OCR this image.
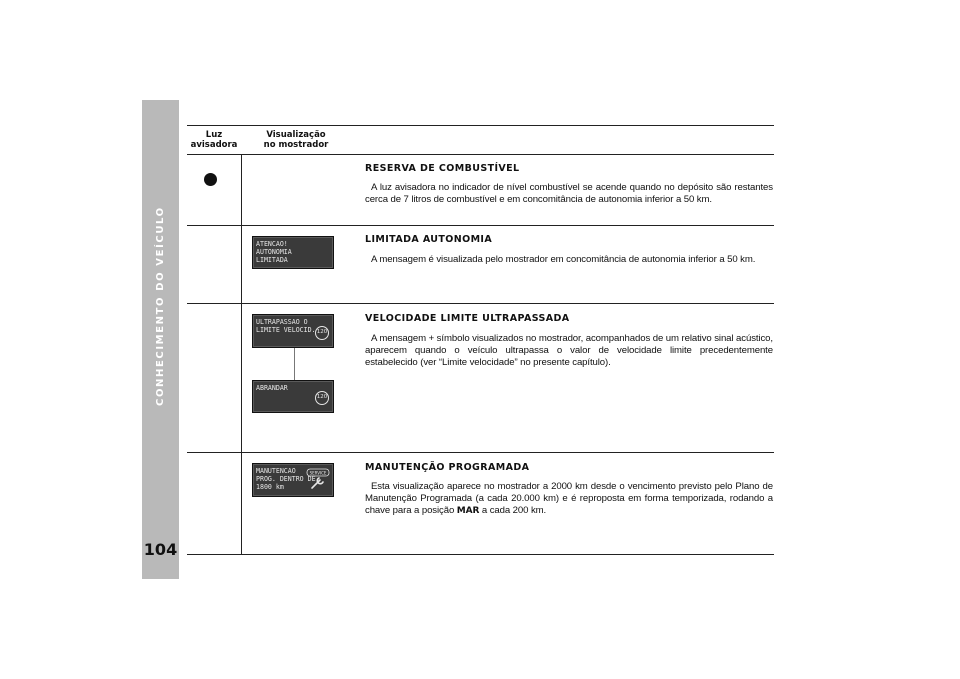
CONHECIMENTO DO VEÍCULO
104
Luz
avisadora
Visualização
no mostrador
RESERVA DE COMBUSTÍVEL
A luz avisadora no indicador de nível combustível se acende quando no depósito são restantes cerca de 7 litros de combustível e em concomitância de autonomia inferior a 50 km.
ATENCAO!
AUTONOMIA
LIMITADA
LIMITADA AUTONOMIA
A mensagem é visualizada pelo mostrador em concomitância de autonomia inferior a 50 km.
ULTRAPASSAO O
LIMITE VELOCID. 120
ABRANDAR
120
VELOCIDADE LIMITE ULTRAPASSADA
A mensagem + símbolo visualizados no mostrador, acompanhados de um relativo sinal acústico, aparecem quando o veículo ultrapassa o valor de velocidade limite precedentemente estabelecido (ver “Limite velocidade” no presente capítulo).
MANUTENCAO
PROG. DENTRO DE
1800 km
SERVICE	MANUTENÇÃO PROGRAMADA
Esta visualização aparece no mostrador a 2000 km desde o vencimento previsto pelo Plano de Manutenção Programada (a cada 20.000 km) e é reproposta em forma temporizada, rodando a chave para a posição MAR a cada 200 km.
